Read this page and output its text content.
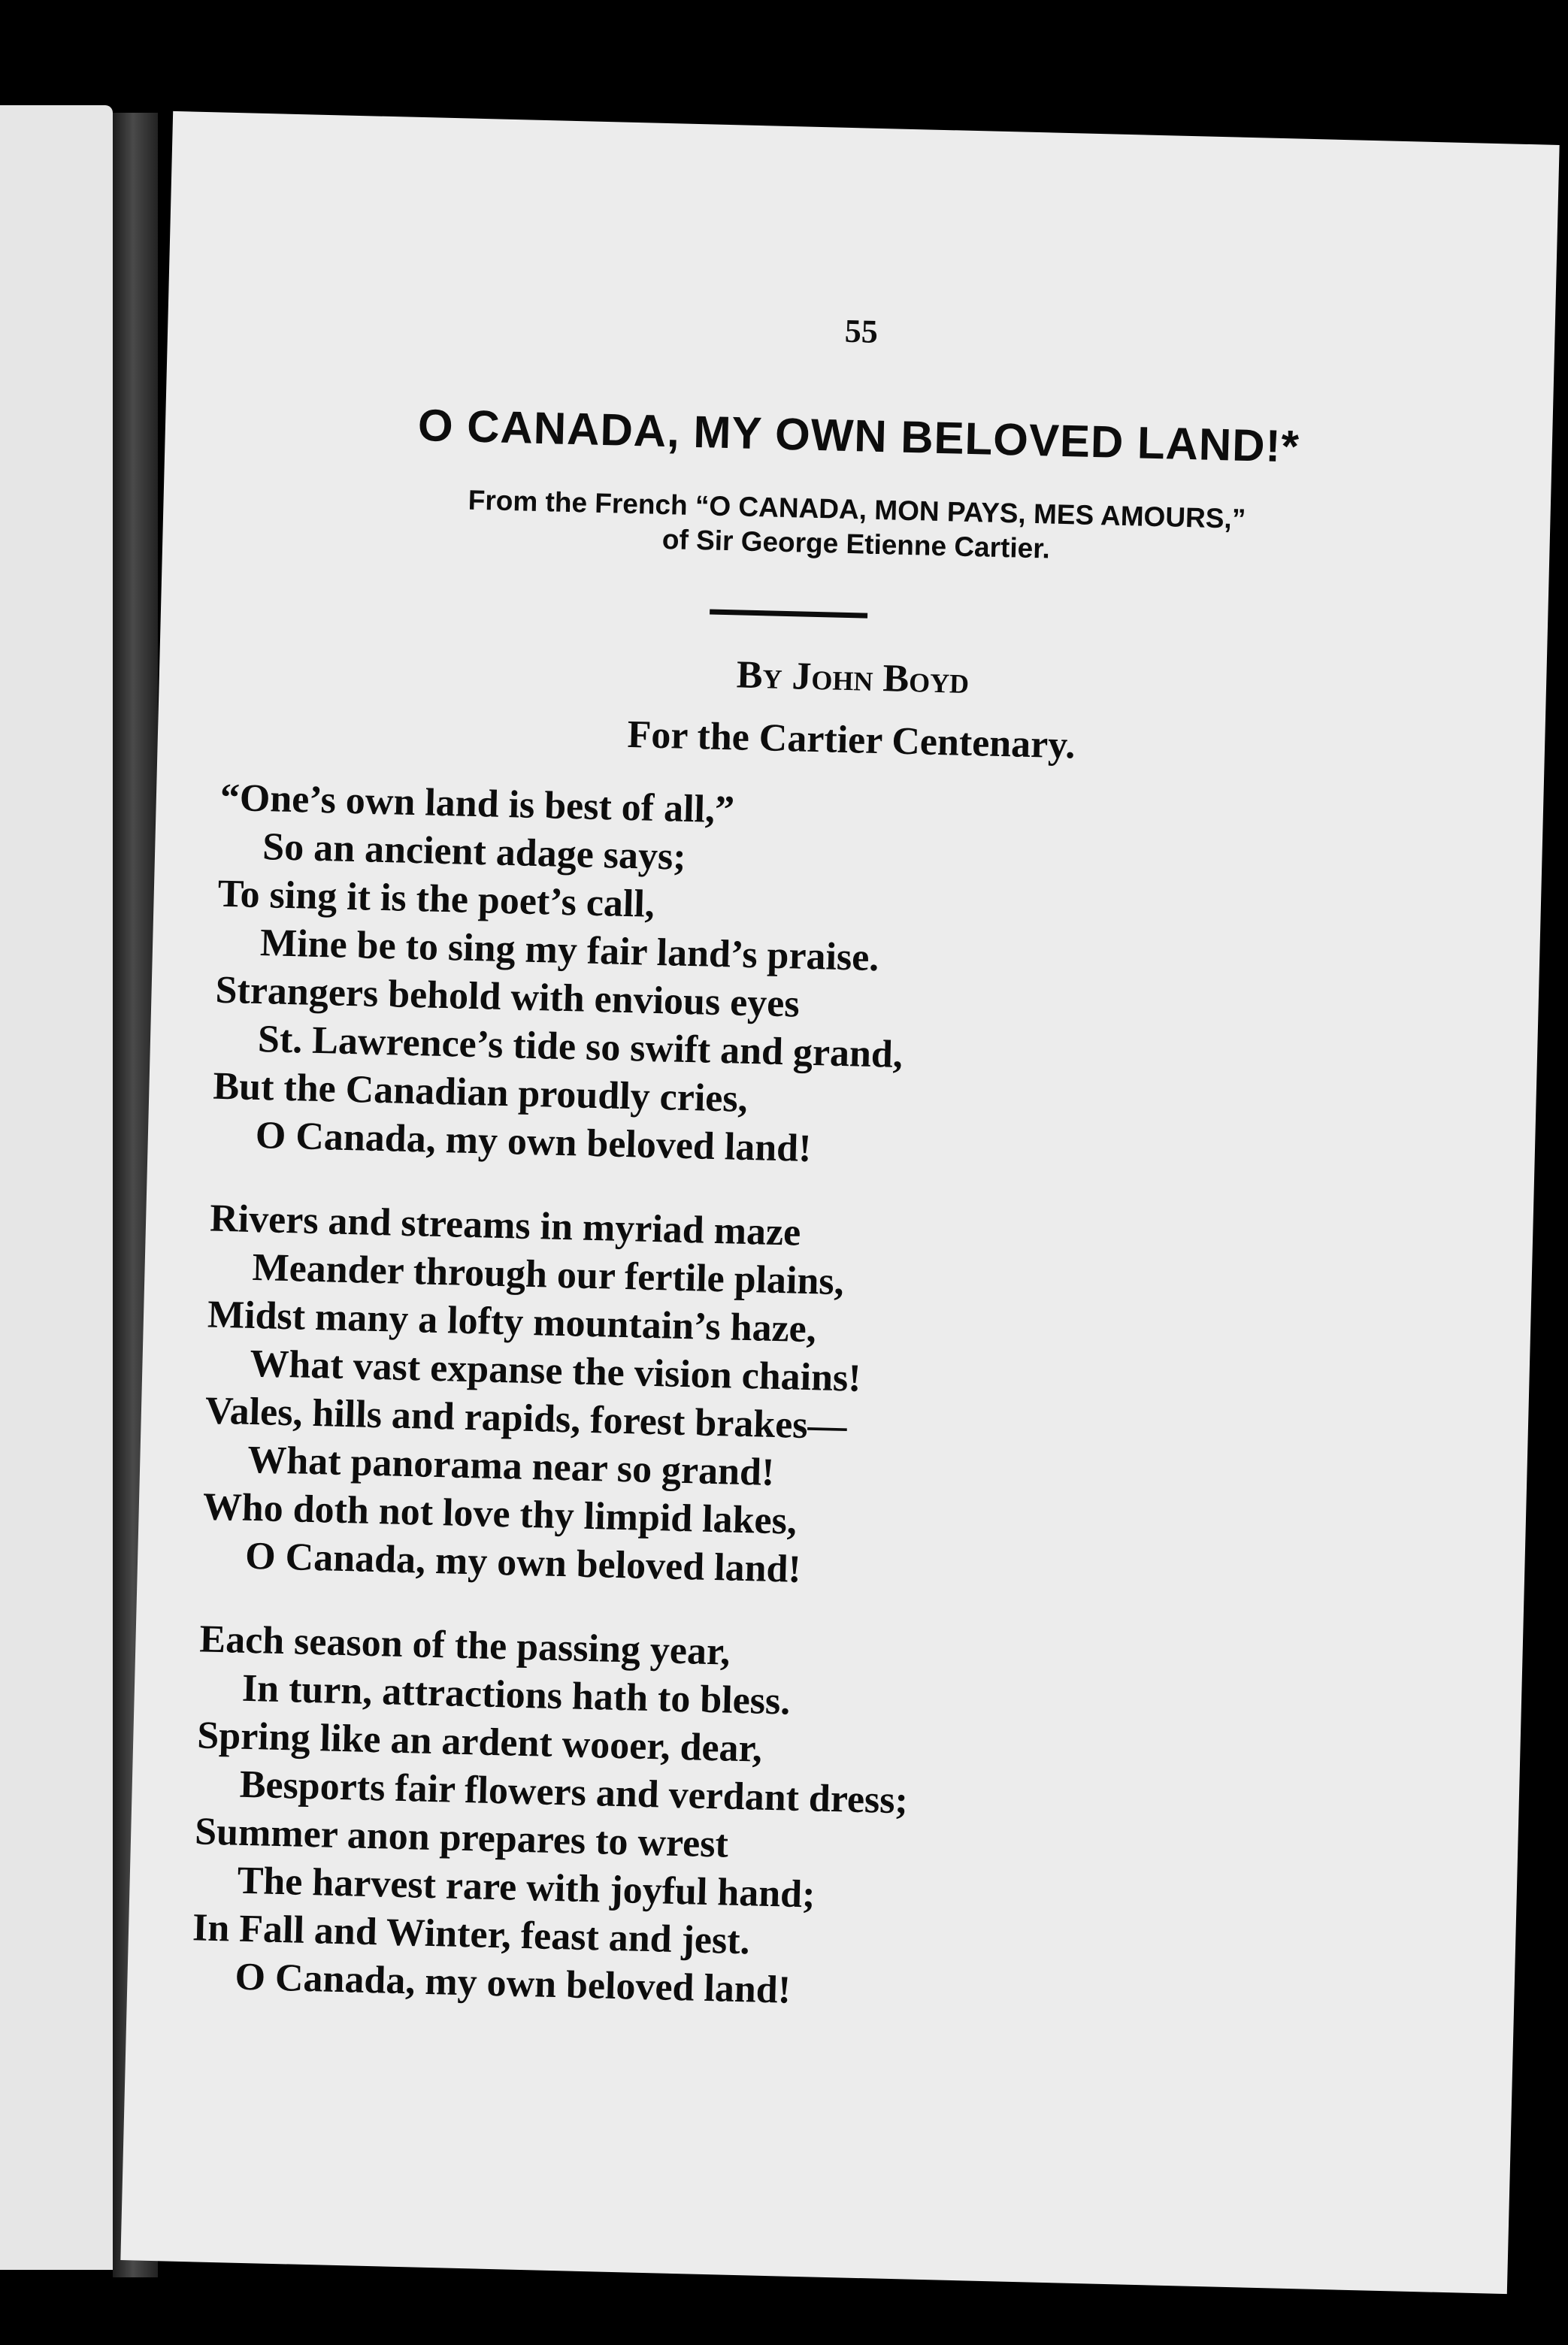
55
O CANADA, MY OWN BELOVED LAND!*
From the French “O CANADA, MON PAYS, MES AMOURS,”
of Sir George Etienne Cartier.
By John Boyd
For the Cartier Centenary.
“One’s own land is best of all,”
So an ancient adage says;
To sing it is the poet’s call,
Mine be to sing my fair land’s praise.
Strangers behold with envious eyes
St. Lawrence’s tide so swift and grand,
But the Canadian proudly cries,
O Canada, my own beloved land!
Rivers and streams in myriad maze
Meander through our fertile plains,
Midst many a lofty mountain’s haze,
What vast expanse the vision chains!
Vales, hills and rapids, forest brakes—
What panorama near so grand!
Who doth not love thy limpid lakes,
O Canada, my own beloved land!
Each season of the passing year,
In turn, attractions hath to bless.
Spring like an ardent wooer, dear,
Besports fair flowers and verdant dress;
Summer anon prepares to wrest
The harvest rare with joyful hand;
In Fall and Winter, feast and jest.
O Canada, my own beloved land!
